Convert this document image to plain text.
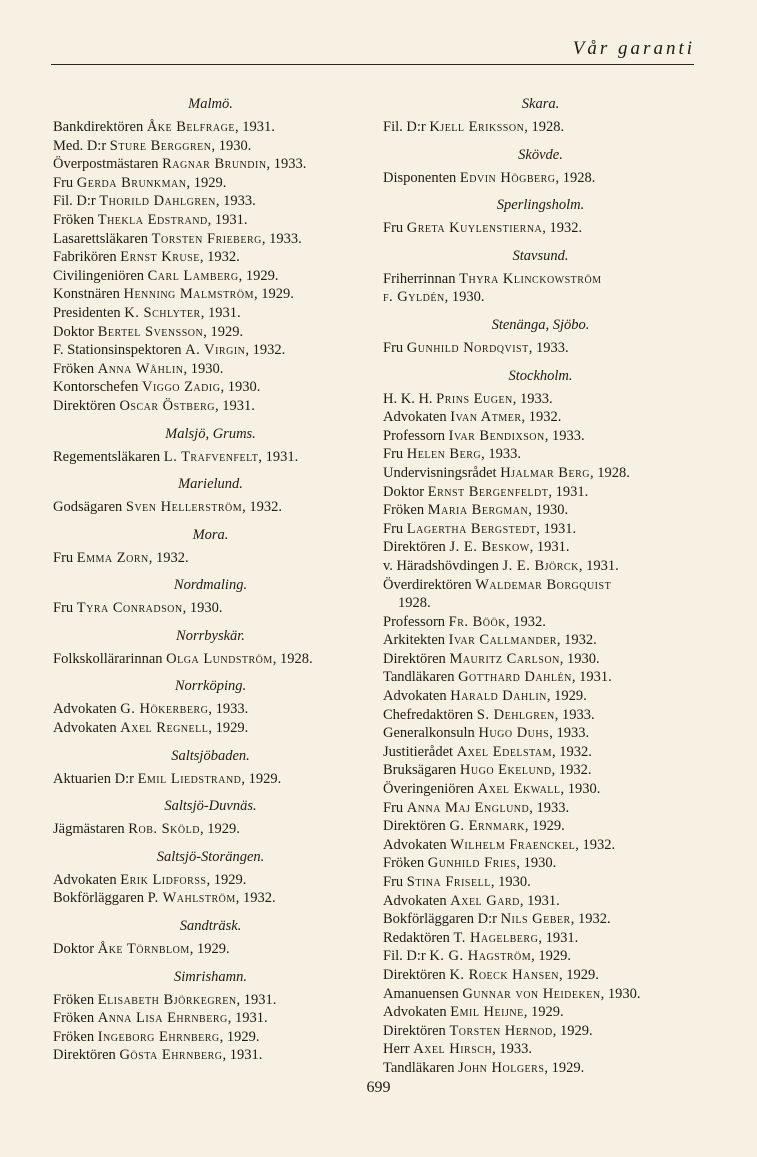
Vår garanti
Malmö.
Bankdirektören Åke Belfrage, 1931.
Med. D:r Sture Berggren, 1930.
Överpostmästaren Ragnar Brundin, 1933.
Fru Gerda Brunkman, 1929.
Fil. D:r Thorild Dahlgren, 1933.
Fröken Thekla Edstrand, 1931.
Lasarettsläkaren Torsten Frieberg, 1933.
Fabrikören Ernst Kruse, 1932.
Civilingeniören Carl Lamberg, 1929.
Konstnären Henning Malmström, 1929.
Presidenten K. Schlyter, 1931.
Doktor Bertel Svensson, 1929.
F. Stationsinspektoren A. Virgin, 1932.
Fröken Anna Wåhlin, 1930.
Kontorschefen Viggo Zadig, 1930.
Direktören Oscar Östberg, 1931.
Malsjö, Grums.
Regementsläkaren L. Trafvenfelt, 1931.
Marielund.
Godsägaren Sven Hellerström, 1932.
Mora.
Fru Emma Zorn, 1932.
Nordmaling.
Fru Tyra Conradson, 1930.
Norrbyskär.
Folkskollärarinnan Olga Lundström, 1928.
Norrköping.
Advokaten G. Hökerberg, 1933.
Advokaten Axel Regnell, 1929.
Saltsjöbaden.
Aktuarien D:r Emil Liedstrand, 1929.
Saltsjö-Duvnäs.
Jägmästaren Rob. Sköld, 1929.
Saltsjö-Storängen.
Advokaten Erik Lidforss, 1929.
Bokförläggaren P. Wahlström, 1932.
Sandträsk.
Doktor Åke Törnblom, 1929.
Simrishamn.
Fröken Elisabeth Björkegren, 1931.
Fröken Anna Lisa Ehrnberg, 1931.
Fröken Ingeborg Ehrnberg, 1929.
Direktören Gösta Ehrnberg, 1931.
Skara.
Fil. D:r Kjell Eriksson, 1928.
Skövde.
Disponenten Edvin Högberg, 1928.
Sperlingsholm.
Fru Greta Kuylenstierna, 1932.
Stavsund.
Friherrinnan Thyra Klinckowström
f. Gyldén, 1930.
Stenänga, Sjöbo.
Fru Gunhild Nordqvist, 1933.
Stockholm.
H. K. H. Prins Eugen, 1933.
Advokaten Ivan Atmer, 1932.
Professorn Ivar Bendixson, 1933.
Fru Helen Berg, 1933.
Undervisningsrådet Hjalmar Berg, 1928.
Doktor Ernst Bergenfeldt, 1931.
Fröken Maria Bergman, 1930.
Fru Lagertha Bergstedt, 1931.
Direktören J. E. Beskow, 1931.
v. Häradshövdingen J. E. Björck, 1931.
Överdirektören Waldemar Borgquist
1928.
Professorn Fr. Böök, 1932.
Arkitekten Ivar Callmander, 1932.
Direktören Mauritz Carlson, 1930.
Tandläkaren Gotthard Dahlén, 1931.
Advokaten Harald Dahlin, 1929.
Chefredaktören S. Dehlgren, 1933.
Generalkonsuln Hugo Duhs, 1933.
Justitierådet Axel Edelstam, 1932.
Bruksägaren Hugo Ekelund, 1932.
Överingeniören Axel Ekwall, 1930.
Fru Anna Maj Englund, 1933.
Direktören G. Ernmark, 1929.
Advokaten Wilhelm Fraenckel, 1932.
Fröken Gunhild Fries, 1930.
Fru Stina Frisell, 1930.
Advokaten Axel Gard, 1931.
Bokförläggaren D:r Nils Geber, 1932.
Redaktören T. Hagelberg, 1931.
Fil. D:r K. G. Hagström, 1929.
Direktören K. Roeck Hansen, 1929.
Amanuensen Gunnar von Heideken, 1930.
Advokaten Emil Heijne, 1929.
Direktören Torsten Hernod, 1929.
Herr Axel Hirsch, 1933.
Tandläkaren John Holgers, 1929.
699
